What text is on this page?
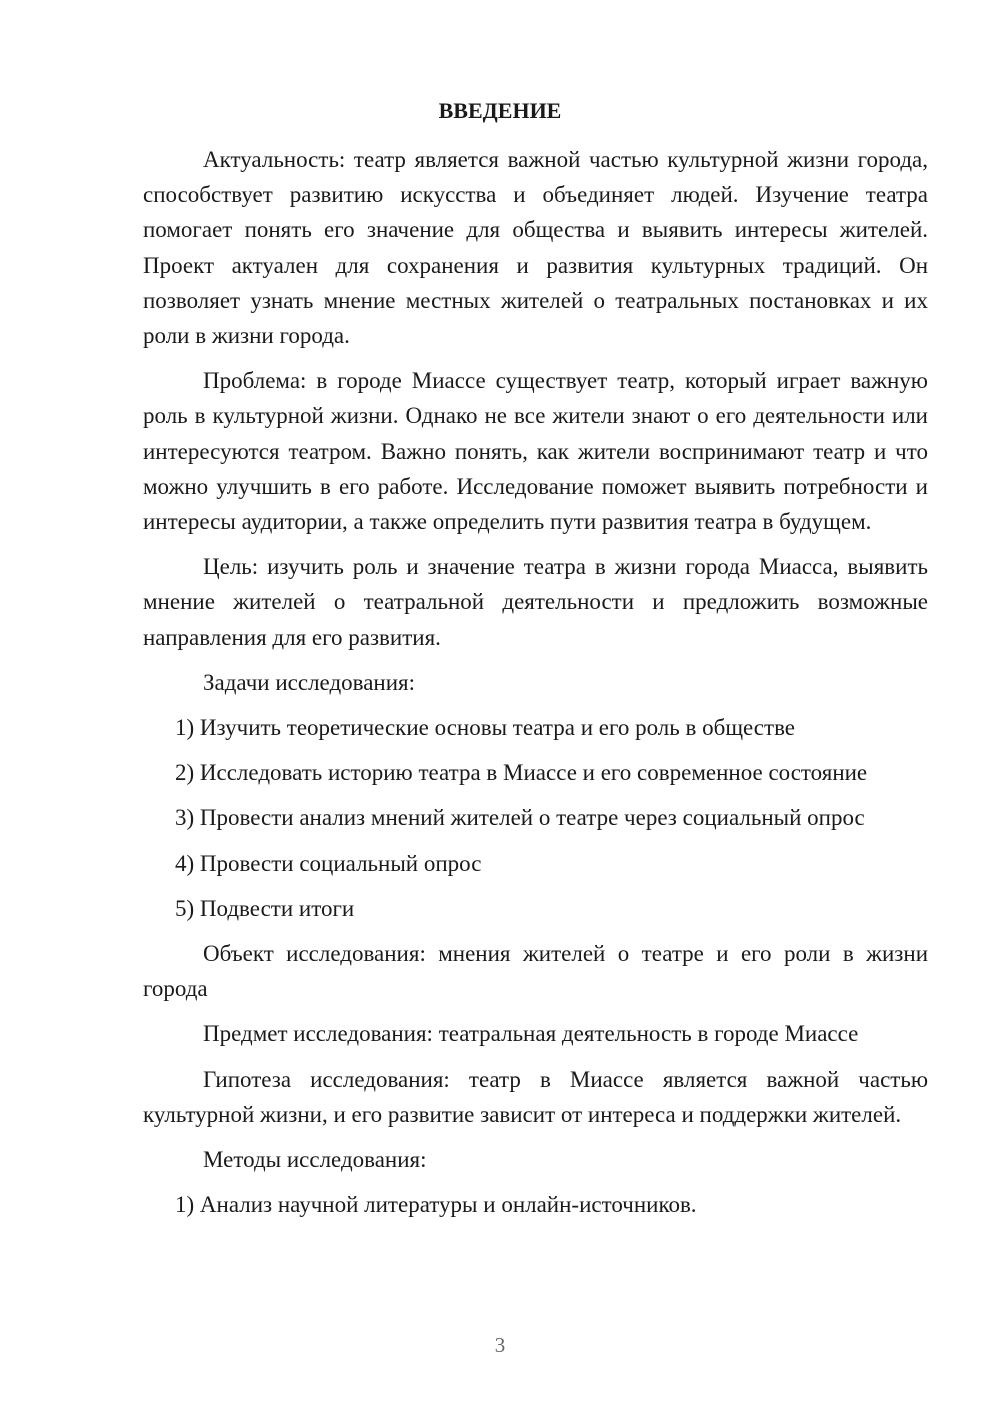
ВВЕДЕНИЕ

Актуальность: театр является важной частью культурной жизни города, способствует развитию искусства и объединяет людей. Изучение театра помогает понять его значение для общества и выявить интересы жителей. Проект актуален для сохранения и развития культурных традиций. Он позволяет узнать мнение местных жителей о театральных постановках и их роли в жизни города.

Проблема: в городе Миассе существует театр, который играет важную роль в культурной жизни. Однако не все жители знают о его деятельности или интересуются театром. Важно понять, как жители воспринимают театр и что можно улучшить в его работе. Исследование поможет выявить потребности и интересы аудитории, а также определить пути развития театра в будущем.

Цель: изучить роль и значение театра в жизни города Миасса, выявить мнение жителей о театральной деятельности и предложить возможные направления для его развития.

Задачи исследования:

1) Изучить теоретические основы театра и его роль в обществе

2) Исследовать историю театра в Миассе и его современное состояние

3) Провести анализ мнений жителей о театре через социальный опрос

4) Провести социальный опрос

5) Подвести итоги

Объект исследования: мнения жителей о театре и его роли в жизни города

Предмет исследования: театральная деятельность в городе Миассе

Гипотеза исследования: театр в Миассе является важной частью культурной жизни, и его развитие зависит от интереса и поддержки жителей.

Методы исследования:

1) Анализ научной литературы и онлайн-источников.

3
